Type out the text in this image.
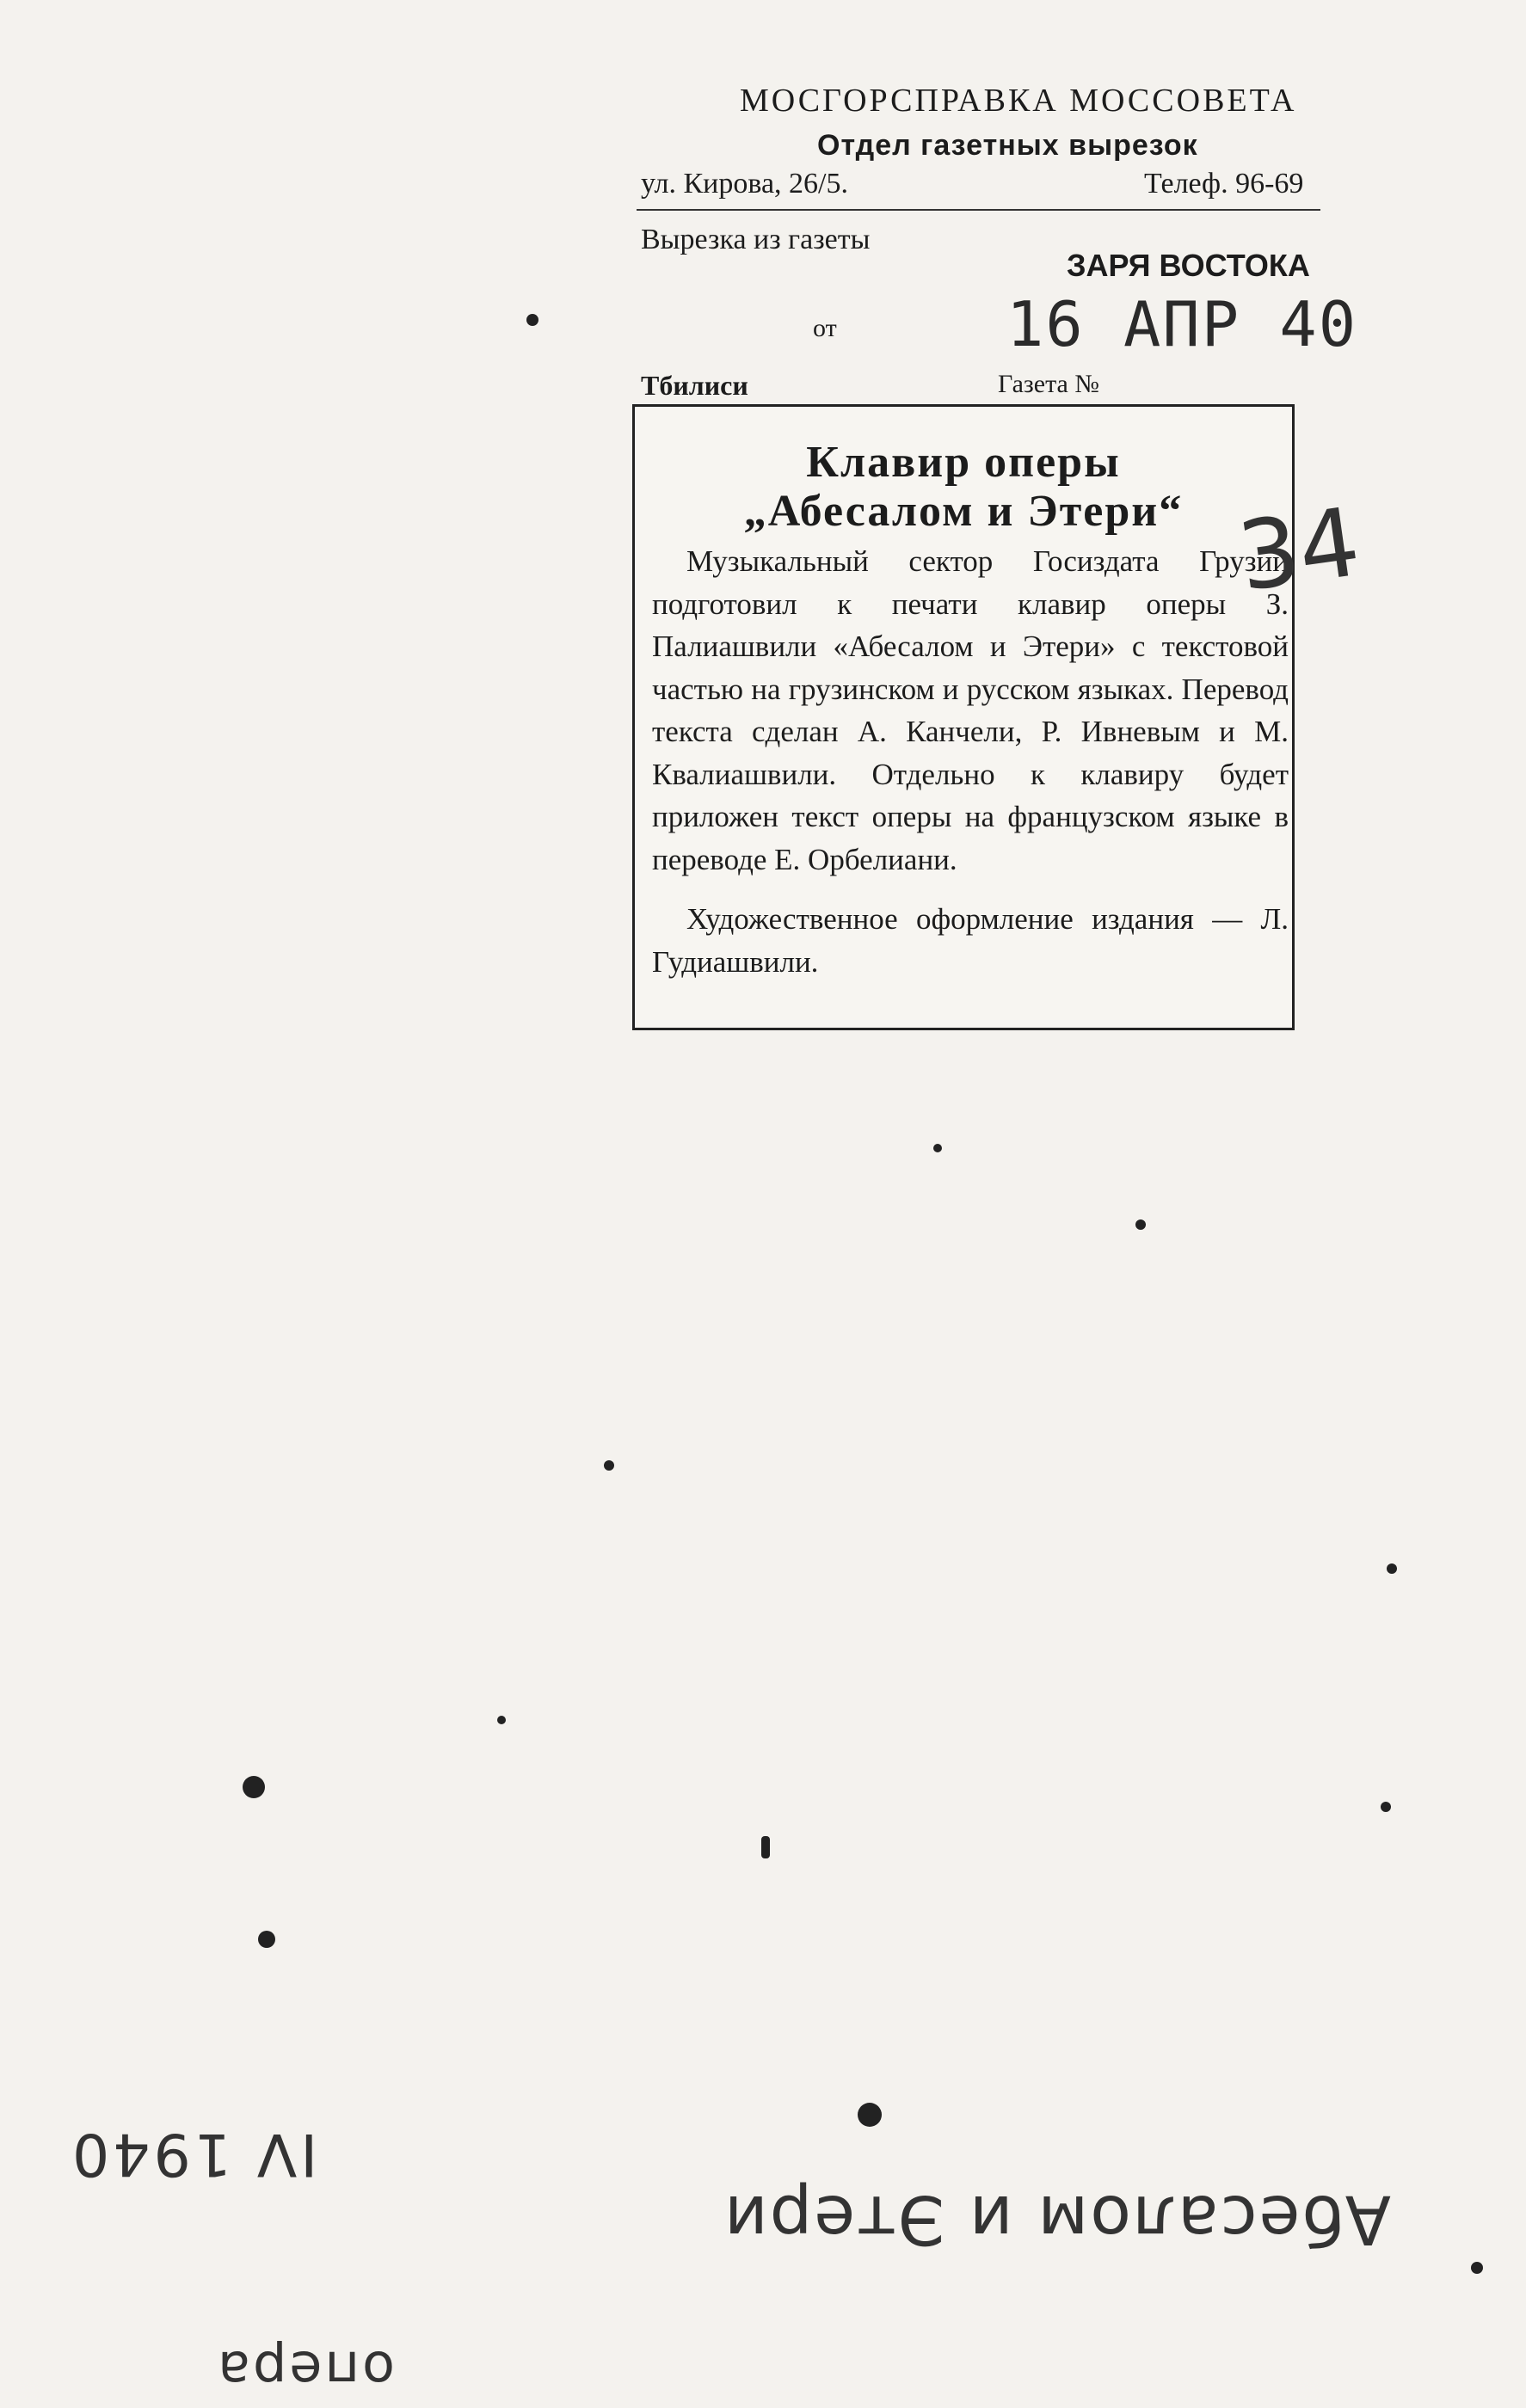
МОСГОРСПРАВКА МОССОВЕТА
Отдел газетных вырезок
ул. Кирова, 26/5.	Телеф. 96-69
Вырезка из газеты
ЗАРЯ ВОСТОКА
от	16 АПР 40
Тбилиси	Газета №
Клавир оперы
„Абесалом и Этери“

Музыкальный сектор Госиздата Грузии подготовил к печати клавир оперы З. Палиашвили «Абесалом и Этери» с текстовой частью на грузинском и русском языках. Перевод текста сделан А. Канчели, Р. Ивневым и М. Квалиашвили. Отдельно к клавиру будет приложен текст оперы на французском языке в переводе Е. Орбелиани.

Художественное оформление издания — Л. Гудиашвили.

34
IV 1940
Абесалом и Этери
опера
